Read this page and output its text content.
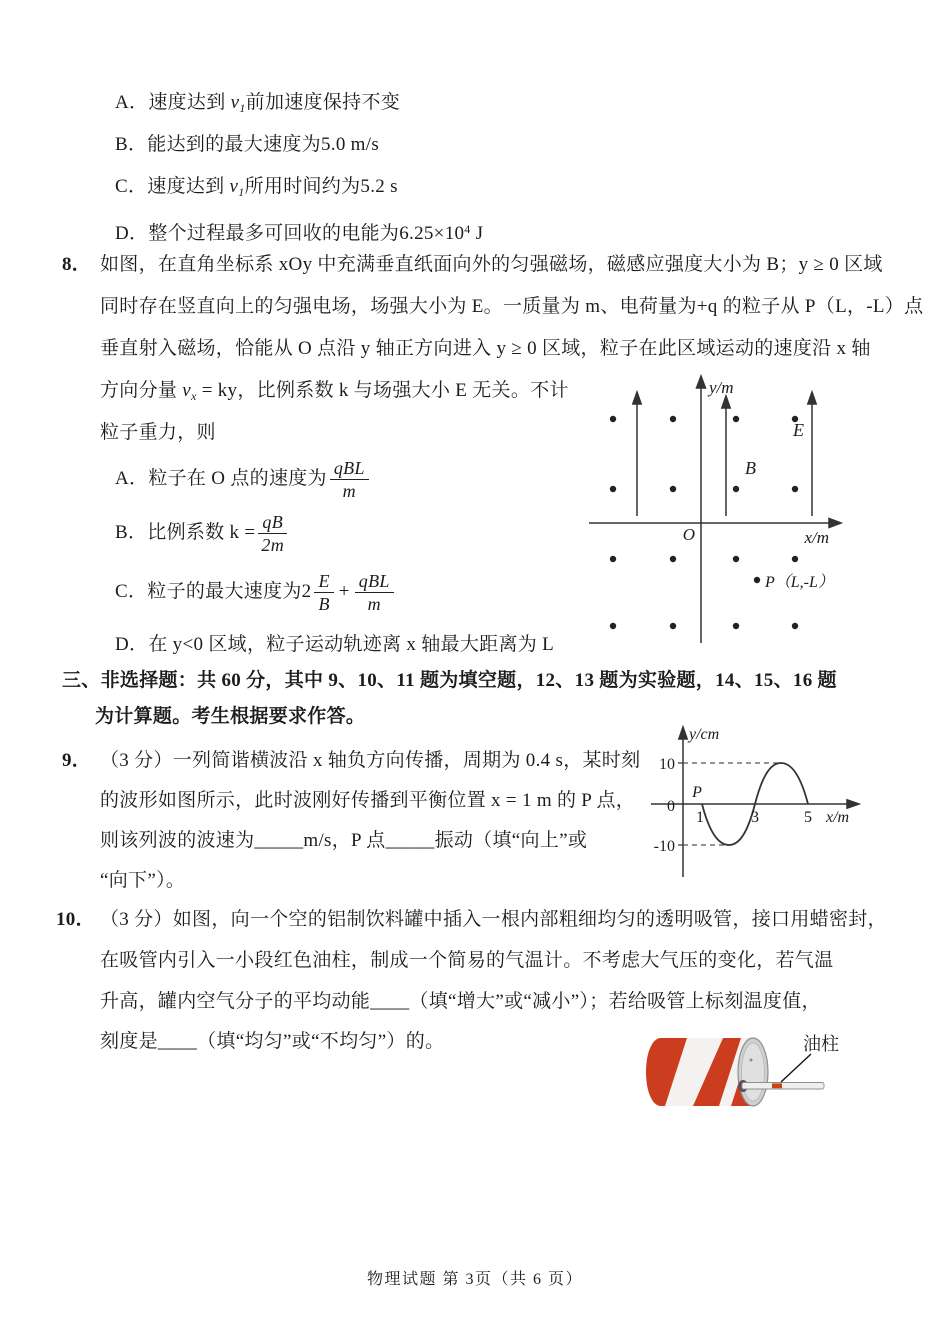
A．速度达到 $v_1$前加速度保持不变
B．能达到的最大速度为5.0 m/s
C．速度达到 $v_1$所用时间约为5.2 s
D．整个过程最多可回收的电能为$6.25\times 10^4$ J
8． 如图，在直角坐标系 xOy 中充满垂直纸面向外的匀强磁场，磁感应强度大小为 B；y ≥ 0 区域
同时存在竖直向上的匀强电场，场强大小为 E。一质量为 m、电荷量为+q 的粒子从 P（L，-L）点
垂直射入磁场，恰能从 O 点沿 y 轴正方向进入 y ≥ 0 区域，粒子在此区域运动的速度沿 x 轴
方向分量 $v_x$ = ky，比例系数 k 与场强大小 E 无关。不计
粒子重力，则
A． 粒子在 O 点的速度为 $\frac{\text{qBL}}{m}$
B． 比例系数 $k = \frac{qB}{2m}$
C． 粒子的最大速度为$2 \frac{E}{B} + \frac{\text{qBL}}{m}$
D．在 y<0 区域，粒子运动轨迹离 x 轴最大距离为 L
y/m
x/m
O
B
E
P（L,-L）
三、非选择题：共 60 分，其中 9、10、11 题为填空题，12、13 题为实验题，14、15、16 题
为计算题。考生根据要求作答。
9． （3 分）一列简谐横波沿 x 轴负方向传播，周期为 0.4 s，某时刻
的波形如图所示，此时波刚好传播到平衡位置 x = 1 m 的 P 点，
则该列波的波速为_____m/s，P 点_____振动（填“向上”或
“向下”）。
y/cm
10
0
-10
1	3	5 x/m
P
10． （3 分）如图，向一个空的铝制饮料罐中插入一根内部粗细均匀的透明吸管，接口用蜡密封，
在吸管内引入一小段红色油柱，制成一个简易的气温计。不考虑大气压的变化，若气温
升高，罐内空气分子的平均动能____（填“增大”或“减小”）；若给吸管上标刻温度值，
刻度是____（填“均匀”或“不均匀”）的。	油柱
物理试题 第 3页（共 6 页）
